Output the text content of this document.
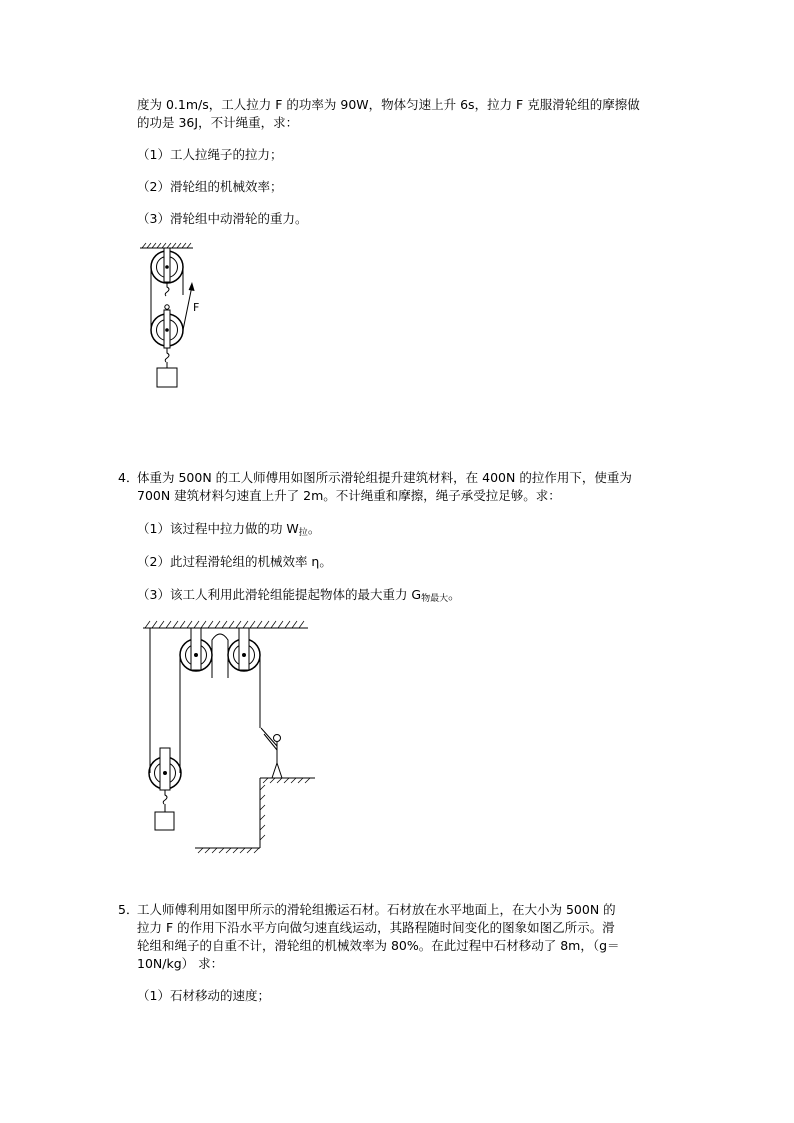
度为 0.1m/s，工人拉力 F 的功率为 90W，物体匀速上升 6s，拉力 F 克服滑轮组的摩擦做
的功是 36J，不计绳重，求：
（1）工人拉绳子的拉力；
（2）滑轮组的机械效率；
（3）滑轮组中动滑轮的重力。
F
4．
体重为 500N 的工人师傅用如图所示滑轮组提升建筑材料，在 400N 的拉作用下，使重为
700N 建筑材料匀速直上升了 2m。不计绳重和摩擦，绳子承受拉足够。求：
（1）该过程中拉力做的功 $W_拉$。
（2）此过程滑轮组的机械效率 η。
（3）该工人利用此滑轮组能提起物体的最大重力 $G_{物最大}$。
5．
工人师傅利用如图甲所示的滑轮组搬运石材。石材放在水平地面上，在大小为 500N 的
拉力 F 的作用下沿水平方向做匀速直线运动，其路程随时间变化的图象如图乙所示。滑
轮组和绳子的自重不计，滑轮组的机械效率为 80%。在此过程中石材移动了 8m，（g＝
10N/kg） 求：
（1）石材移动的速度；
